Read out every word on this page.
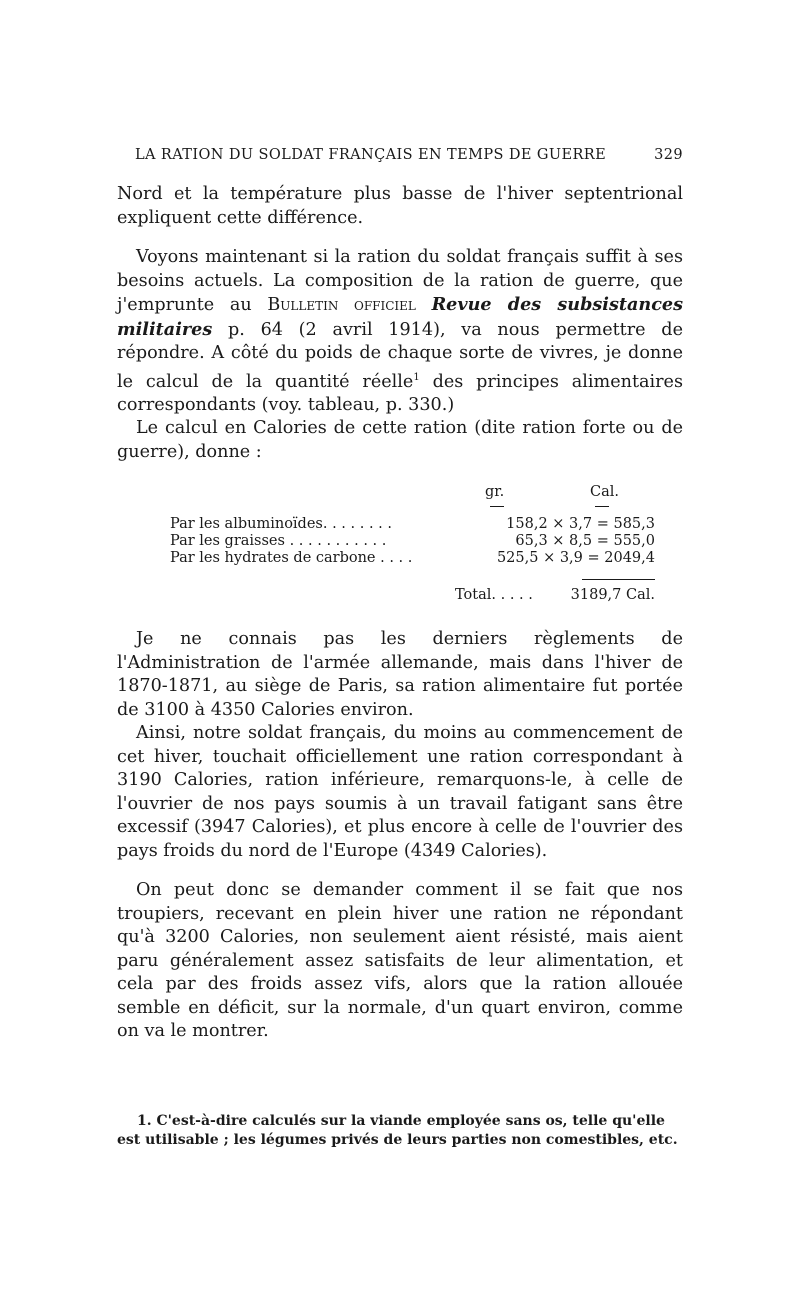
LA RATION DU SOLDAT FRANÇAIS EN TEMPS DE GUERRE	329

Nord et la température plus basse de l'hiver septentrional expliquent cette différence.

Voyons maintenant si la ration du soldat français suffit à ses besoins actuels. La composition de la ration de guerre, que j'emprunte au Bulletin officiel Revue des subsistances militaires p. 64 (2 avril 1914), va nous permettre de répondre. A côté du poids de chaque sorte de vivres, je donne le calcul de la quantité réelle$^1$ des principes alimentaires correspondants (voy. tableau, p. 330.)

Le calcul en Calories de cette ration (dite ration forte ou de guerre), donne :

gr.	Cal.
Par les albuminoïdes. . . . . . . .	158,2 × 3,7 = 585,3
Par les graisses . . . . . . . . . . .	65,3 × 8,5 = 555,0
Par les hydrates de carbone . . . .	525,5 × 3,9 = 2049,4
Total. . . . .	3189,7 Cal.

Je ne connais pas les derniers règlements de l'Administration de l'armée allemande, mais dans l'hiver de 1870-1871, au siège de Paris, sa ration alimentaire fut portée de 3100 à 4350 Calories environ.

Ainsi, notre soldat français, du moins au commencement de cet hiver, touchait officiellement une ration correspondant à 3190 Calories, ration inférieure, remarquons-le, à celle de l'ouvrier de nos pays soumis à un travail fatigant sans être excessif (3947 Calories), et plus encore à celle de l'ouvrier des pays froids du nord de l'Europe (4349 Calories).

On peut donc se demander comment il se fait que nos troupiers, recevant en plein hiver une ration ne répondant qu'à 3200 Calories, non seulement aient résisté, mais aient paru généralement assez satisfaits de leur alimentation, et cela par des froids assez vifs, alors que la ration allouée semble en déficit, sur la normale, d'un quart environ, comme on va le montrer.

1. C'est-à-dire calculés sur la viande employée sans os, telle qu'elle est utilisable ; les légumes privés de leurs parties non comestibles, etc.
